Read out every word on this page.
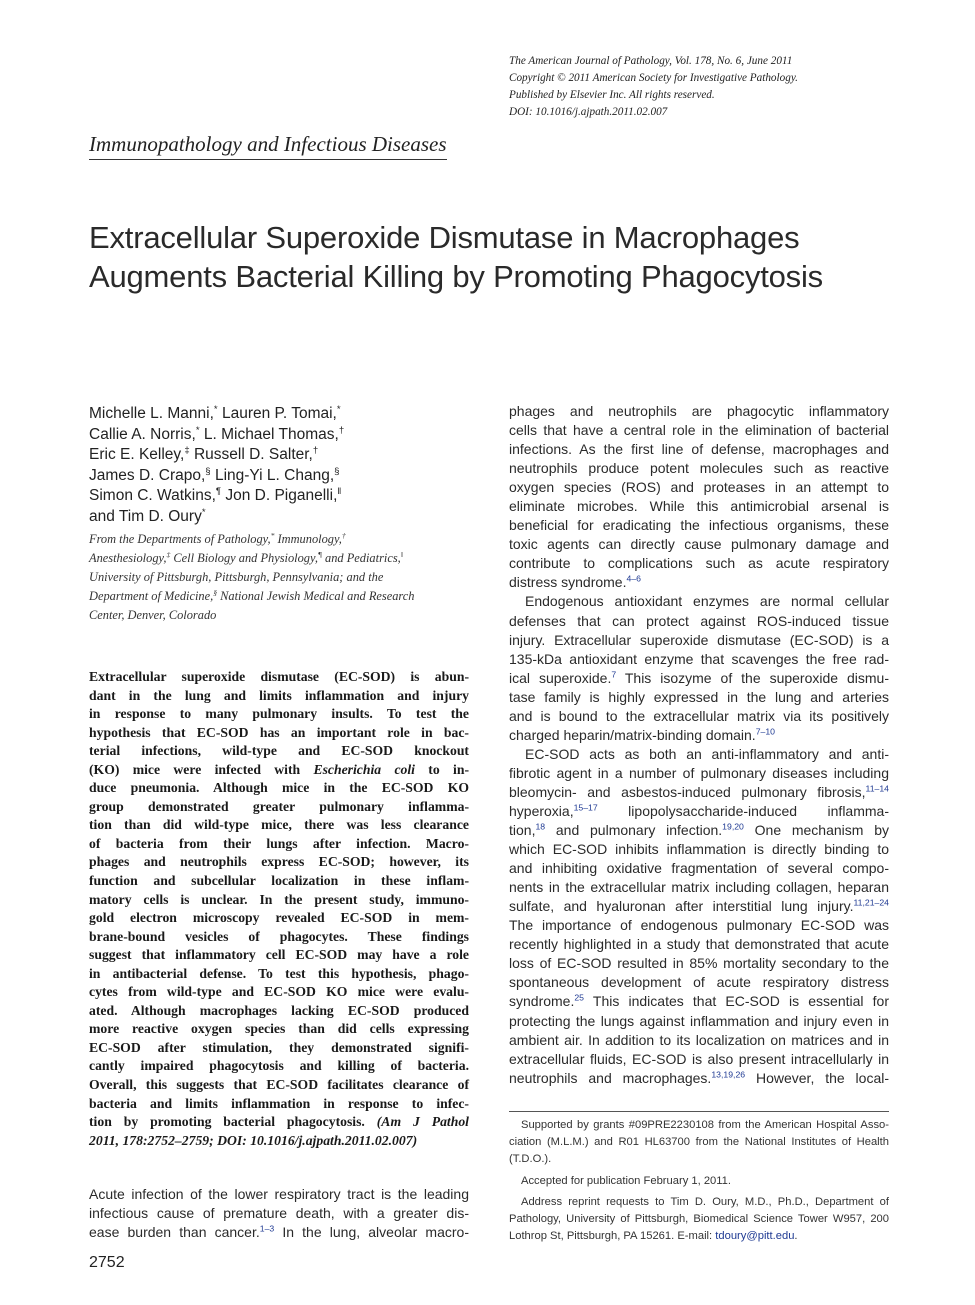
The American Journal of Pathology, Vol. 178, No. 6, June 2011
Copyright © 2011 American Society for Investigative Pathology.
Published by Elsevier Inc. All rights reserved.
DOI: 10.1016/j.ajpath.2011.02.007
Immunopathology and Infectious Diseases
Extracellular Superoxide Dismutase in Macrophages
Augments Bacterial Killing by Promoting Phagocytosis
Michelle L. Manni,* Lauren P. Tomai,*
Callie A. Norris,* L. Michael Thomas,†
Eric E. Kelley,‡ Russell D. Salter,†
James D. Crapo,§ Ling-Yi L. Chang,§
Simon C. Watkins,¶ Jon D. Piganelli,‖
and Tim D. Oury*
From the Departments of Pathology,* Immunology,†
Anesthesiology,‡ Cell Biology and Physiology,¶ and Pediatrics,‖
University of Pittsburgh, Pittsburgh, Pennsylvania; and the
Department of Medicine,§ National Jewish Medical and Research
Center, Denver, Colorado
Extracellular superoxide dismutase (EC-SOD) is abun-
dant in the lung and limits inflammation and injury
in response to many pulmonary insults. To test the
hypothesis that EC-SOD has an important role in bac-
terial infections, wild-type and EC-SOD knockout
(KO) mice were infected with Escherichia coli to in-
duce pneumonia. Although mice in the EC-SOD KO
group demonstrated greater pulmonary inflamma-
tion than did wild-type mice, there was less clearance
of bacteria from their lungs after infection. Macro-
phages and neutrophils express EC-SOD; however, its
function and subcellular localization in these inflam-
matory cells is unclear. In the present study, immuno-
gold electron microscopy revealed EC-SOD in mem-
brane-bound vesicles of phagocytes. These findings
suggest that inflammatory cell EC-SOD may have a role
in antibacterial defense. To test this hypothesis, phago-
cytes from wild-type and EC-SOD KO mice were evalu-
ated. Although macrophages lacking EC-SOD produced
more reactive oxygen species than did cells expressing
EC-SOD after stimulation, they demonstrated signifi-
cantly impaired phagocytosis and killing of bacteria.
Overall, this suggests that EC-SOD facilitates clearance of
bacteria and limits inflammation in response to infec-
tion by promoting bacterial phagocytosis. (Am J Pathol
2011, 178:2752–2759; DOI: 10.1016/j.ajpath.2011.02.007)
Acute infection of the lower respiratory tract is the leading
infectious cause of premature death, with a greater dis-
ease burden than cancer.$^{1-3}$ In the lung, alveolar macro-
phages and neutrophils are phagocytic inflammatory
cells that have a central role in the elimination of bacterial
infections. As the first line of defense, macrophages and
neutrophils produce potent molecules such as reactive
oxygen species (ROS) and proteases in an attempt to
eliminate microbes. While this antimicrobial arsenal is
beneficial for eradicating the infectious organisms, these
toxic agents can directly cause pulmonary damage and
contribute to complications such as acute respiratory
distress syndrome.$^{4-6}$
Endogenous antioxidant enzymes are normal cellular
defenses that can protect against ROS-induced tissue
injury. Extracellular superoxide dismutase (EC-SOD) is a
135-kDa antioxidant enzyme that scavenges the free rad-
ical superoxide.$^7$ This isozyme of the superoxide dismu-
tase family is highly expressed in the lung and arteries
and is bound to the extracellular matrix via its positively
charged heparin/matrix-binding domain.$^{7-10}$
EC-SOD acts as both an anti-inflammatory and anti-
fibrotic agent in a number of pulmonary diseases including
bleomycin- and asbestos-induced pulmonary fibrosis,$^{11-14}$
hyperoxia,$^{15-17}$ lipopolysaccharide-induced inflamma-
tion,$^{18}$ and pulmonary infection.$^{19,20}$ One mechanism by
which EC-SOD inhibits inflammation is directly binding to
and inhibiting oxidative fragmentation of several compo-
nents in the extracellular matrix including collagen, heparan
sulfate, and hyaluronan after interstitial lung injury.$^{11,21-24}$
The importance of endogenous pulmonary EC-SOD was
recently highlighted in a study that demonstrated that acute
loss of EC-SOD resulted in 85% mortality secondary to the
spontaneous development of acute respiratory distress
syndrome.$^{25}$ This indicates that EC-SOD is essential for
protecting the lungs against inflammation and injury even in
ambient air. In addition to its localization on matrices and in
extracellular fluids, EC-SOD is also present intracellularly in
neutrophils and macrophages.$^{13,19,26}$ However, the local-
Supported by grants #09PRE2230108 from the American Hospital Asso-
ciation (M.L.M.) and R01 HL63700 from the National Institutes of Health
(T.D.O.).
Accepted for publication February 1, 2011.
Address reprint requests to Tim D. Oury, M.D., Ph.D., Department of
Pathology, University of Pittsburgh, Biomedical Science Tower W957, 200
Lothrop St, Pittsburgh, PA 15261. E-mail: tdoury@pitt.edu.
2752
